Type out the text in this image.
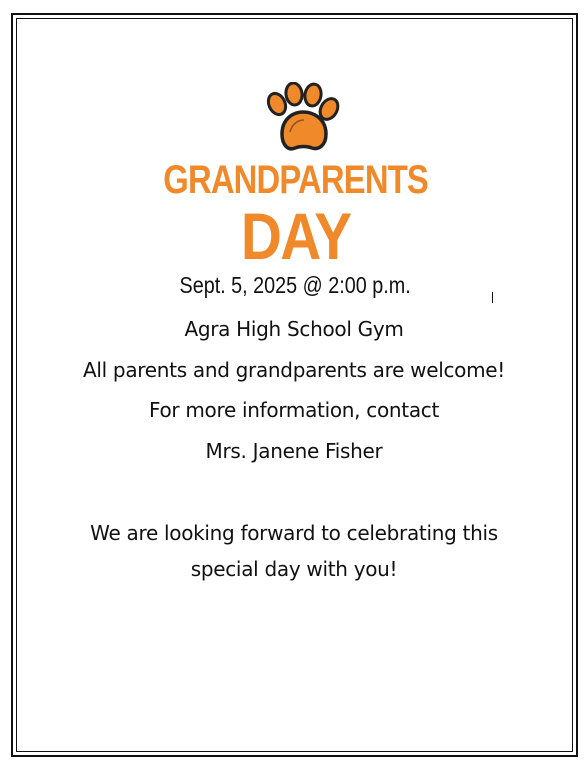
GRANDPARENTS
DAY
Sept. 5, 2025 @ 2:00 p.m.
Agra High School Gym
All parents and grandparents are welcome!
For more information, contact
Mrs. Janene Fisher
We are looking forward to celebrating this
special day with you!
